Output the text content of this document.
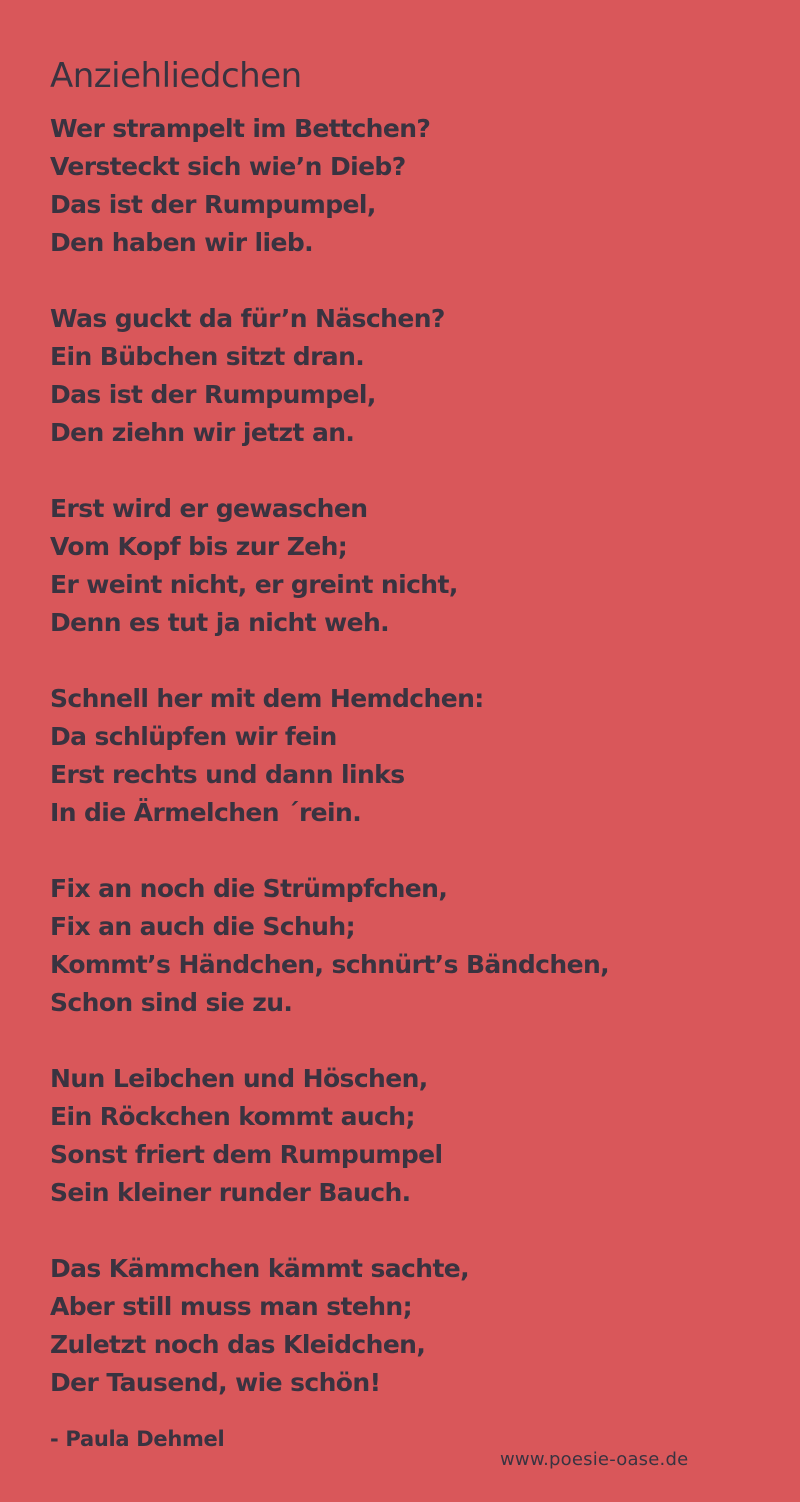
Anziehliedchen

Wer strampelt im Bettchen?
Versteckt sich wie’n Dieb?
Das ist der Rumpumpel,
Den haben wir lieb.

Was guckt da für’n Näschen?
Ein Bübchen sitzt dran.
Das ist der Rumpumpel,
Den ziehn wir jetzt an.

Erst wird er gewaschen
Vom Kopf bis zur Zeh;
Er weint nicht, er greint nicht,
Denn es tut ja nicht weh.

Schnell her mit dem Hemdchen:
Da schlüpfen wir fein
Erst rechts und dann links
In die Ärmelchen ´rein.

Fix an noch die Strümpfchen,
Fix an auch die Schuh;
Kommt’s Händchen, schnürt’s Bändchen,
Schon sind sie zu.

Nun Leibchen und Höschen,
Ein Röckchen kommt auch;
Sonst friert dem Rumpumpel
Sein kleiner runder Bauch.

Das Kämmchen kämmt sachte,
Aber still muss man stehn;
Zuletzt noch das Kleidchen,
Der Tausend, wie schön!

- Paula Dehmel
www.poesie-oase.de
